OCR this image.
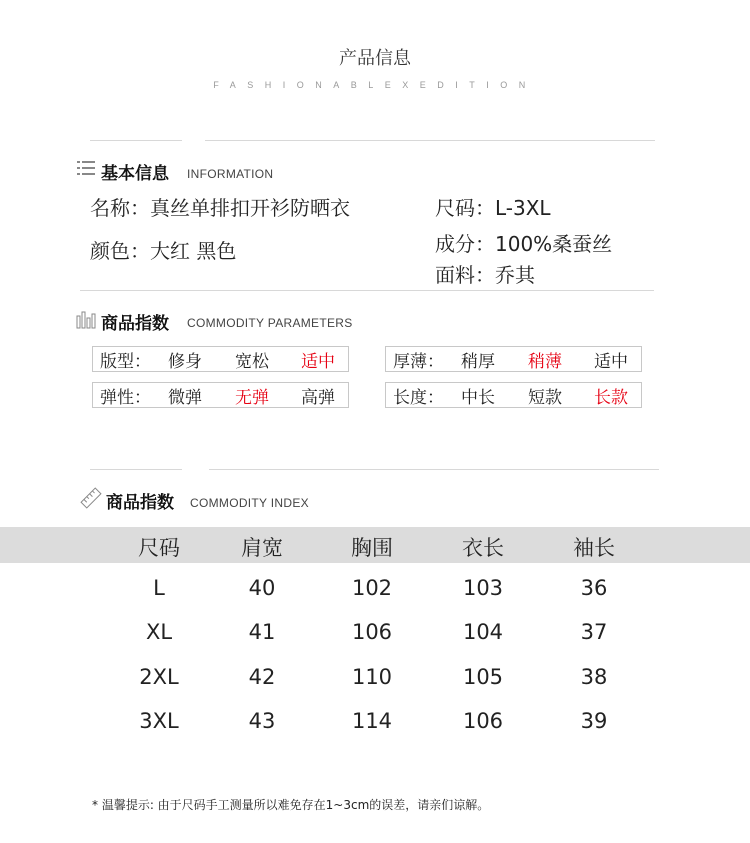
产品信息
FASHIONABLEXEDITION
基本信息 INFORMATION
名称：真丝单排扣开衫防晒衣
颜色：大红 黑色
尺码：L-3XL
成分：100%桑蚕丝
面料：乔其
商品指数 COMMODITY PARAMETERS
版型： 修身 宽松 适中	厚薄： 稍厚 稍薄 适中
弹性： 微弹 无弹 高弹	长度： 中长 短款 长款
商品指数 COMMODITY INDEX
尺码	肩宽	胸围	衣长	袖长
L	40	102	103	36
XL	41	106	104	37
2XL	42	110	105	38
3XL	43	114	106	39
* 温馨提示: 由于尺码手工测量所以难免存在1~3cm的误差，请亲们谅解。
